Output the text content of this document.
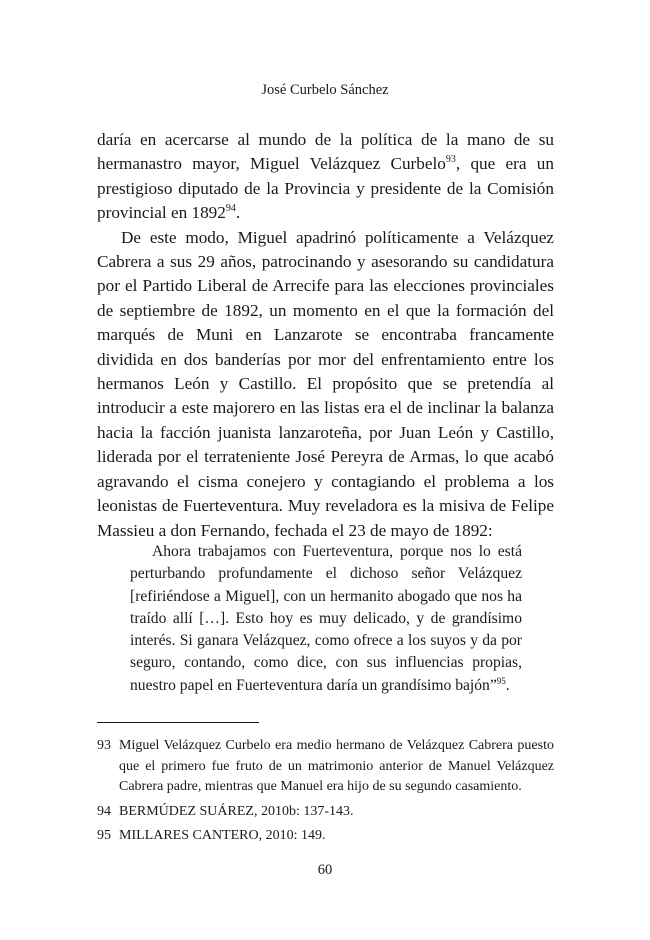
José Curbelo Sánchez

daría en acercarse al mundo de la política de la mano de su hermanastro mayor, Miguel Velázquez Curbelo$^{93}$, que era un prestigioso diputado de la Provincia y presidente de la Comisión provincial en 1892$^{94}$.

De este modo, Miguel apadrinó políticamente a Velázquez Cabrera a sus 29 años, patrocinando y asesorando su candidatura por el Partido Liberal de Arrecife para las elecciones provinciales de septiembre de 1892, un momento en el que la formación del marqués de Muni en Lanzarote se encontraba francamente dividida en dos banderías por mor del enfrentamiento entre los hermanos León y Castillo. El propósito que se pretendía al introducir a este majorero en las listas era el de inclinar la balanza hacia la facción juanista lanzaroteña, por Juan León y Castillo, liderada por el terrateniente José Pereyra de Armas, lo que acabó agravando el cisma conejero y contagiando el problema a los leonistas de Fuerteventura. Muy reveladora es la misiva de Felipe Massieu a don Fernando, fechada el 23 de mayo de 1892:

Ahora trabajamos con Fuerteventura, porque nos lo está perturbando profundamente el dichoso señor Velázquez [refiriéndose a Miguel], con un hermanito abogado que nos ha traído allí […]. Esto hoy es muy delicado, y de grandísimo interés. Si ganara Velázquez, como ofrece a los suyos y da por seguro, contando, como dice, con sus influencias propias, nuestro papel en Fuerteventura daría un grandísimo bajón”$^{95}$.

93 Miguel Velázquez Curbelo era medio hermano de Velázquez Cabrera puesto que el primero fue fruto de un matrimonio anterior de Manuel Velázquez Cabrera padre, mientras que Manuel era hijo de su segundo casamiento.
94 BERMÚDEZ SUÁREZ, 2010b: 137-143.
95 MILLARES CANTERO, 2010: 149.
60
